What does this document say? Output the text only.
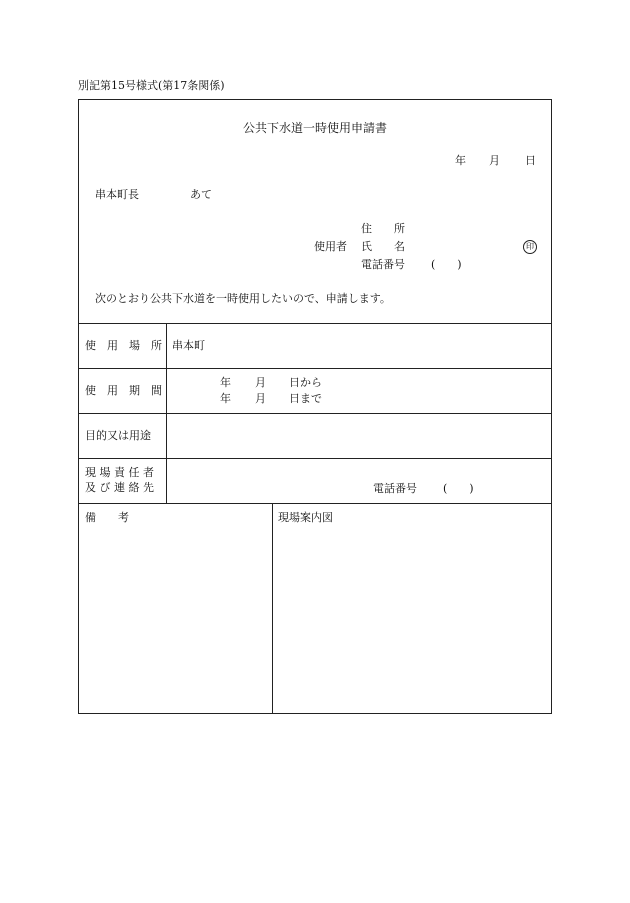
別記第15号様式(第17条関係)
公共下水道一時使用申請書
年 月 日
串本町長	あて
住　　所
使用者 氏　　名	印
電話番号 (　　)
次のとおり公共下水道を一時使用したいので、申請します。
使　用　場　所 串本町
使　用　期　間
年 月 日から
年 月 日まで
目的又は用途
現 場 責 任 者
及 び 連 絡 先	電話番号 (　　)
備　　考	現場案内図
